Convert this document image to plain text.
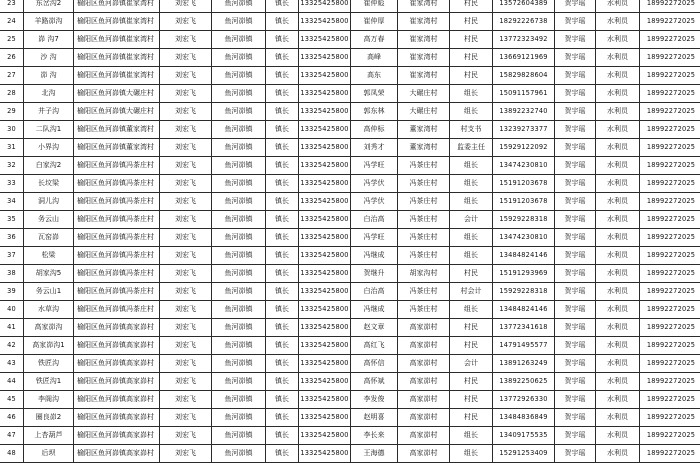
23	东岔沟2	榆阳区鱼河峁镇崔家湾村	刘宏飞	鱼河峁镇	镇长	13325425800	崔仲彪	崔家湾村	村民	13572604389	贺宇瑶	水利员	18992272025
24	羊路峁沟	榆阳区鱼河峁镇崔家湾村	刘宏飞	鱼河峁镇	镇长	13325425800	崔仲厚	崔家湾村	村民	18292226738	贺宇瑶	水利员	18992272025
25	峁 沟7	榆阳区鱼河峁镇崔家湾村	刘宏飞	鱼河峁镇	镇长	13325425800	高万春	崔家湾村	村民	13772323492	贺宇瑶	水利员	18992272025
26	沙 沟	榆阳区鱼河峁镇崔家湾村	刘宏飞	鱼河峁镇	镇长	13325425800	高峰	崔家湾村	村民	13669121969	贺宇瑶	水利员	18992272025
27	峁 沟	榆阳区鱼河峁镇崔家湾村	刘宏飞	鱼河峁镇	镇长	13325425800	高东	崔家湾村	村民	15829828604	贺宇瑶	水利员	18992272025
28	北沟	榆阳区鱼河峁镇大碾庄村	刘宏飞	鱼河峁镇	镇长	13325425800	郭凤荣	大碾庄村	组长	15091157961	贺宇瑶	水利员	18992272025
29	井子沟	榆阳区鱼河峁镇大碾庄村	刘宏飞	鱼河峁镇	镇长	13325425800	郭东林	大碾庄村	组长	13892232740	贺宇瑶	水利员	18992272025
30	二队沟1	榆阳区鱼河峁镇董家湾村	刘宏飞	鱼河峁镇	镇长	13325425800	高仲标	董家湾村	村支书	13239273377	贺宇瑶	水利员	18992272025
31	小界沟	榆阳区鱼河峁镇董家湾村	刘宏飞	鱼河峁镇	镇长	13325425800	刘秀才	董家湾村	监委主任	15929122092	贺宇瑶	水利员	18992272025
32	白家沟2	榆阳区鱼河峁镇冯茶庄村	刘宏飞	鱼河峁镇	镇长	13325425800	冯学旺	冯茶庄村	组长	13474230810	贺宇瑶	水利员	18992272025
33	长坟梁	榆阳区鱼河峁镇冯茶庄村	刘宏飞	鱼河峁镇	镇长	13325425800	冯学伏	冯茶庄村	组长	15191203678	贺宇瑶	水利员	18992272025
34	洞儿沟	榆阳区鱼河峁镇冯茶庄村	刘宏飞	鱼河峁镇	镇长	13325425800	冯学伏	冯茶庄村	组长	15191203678	贺宇瑶	水利员	18992272025
35	务云山	榆阳区鱼河峁镇冯茶庄村	刘宏飞	鱼河峁镇	镇长	13325425800	白治高	冯茶庄村	会计	15929228318	贺宇瑶	水利员	18992272025
36	瓦窑峁	榆阳区鱼河峁镇冯茶庄村	刘宏飞	鱼河峁镇	镇长	13325425800	冯学旺	冯茶庄村	组长	13474230810	贺宇瑶	水利员	18992272025
37	松梁	榆阳区鱼河峁镇冯茶庄村	刘宏飞	鱼河峁镇	镇长	13325425800	冯继成	冯茶庄村	组长	13484824146	贺宇瑶	水利员	18992272025
38	胡家沟5	榆阳区鱼河峁镇冯茶庄村	刘宏飞	鱼河峁镇	镇长	13325425800	贺继升	胡家沟村	村民	15191293969	贺宇瑶	水利员	18992272025
39	务云山1	榆阳区鱼河峁镇冯茶庄村	刘宏飞	鱼河峁镇	镇长	13325425800	白治高	冯茶庄村	村会计	15929228318	贺宇瑶	水利员	18992272025
40	水草沟	榆阳区鱼河峁镇冯茶庄村	刘宏飞	鱼河峁镇	镇长	13325425800	冯继成	冯茶庄村	组长	13484824146	贺宇瑶	水利员	18992272025
41	高家峁沟	榆阳区鱼河峁镇高家峁村	刘宏飞	鱼河峁镇	镇长	13325425800	赵文章	高家峁村	村民	13772341618	贺宇瑶	水利员	18992272025
42	高家峁沟1	榆阳区鱼河峁镇高家峁村	刘宏飞	鱼河峁镇	镇长	13325425800	高红飞	高家峁村	村民	14791495577	贺宇瑶	水利员	18992272025
43	铁匠沟	榆阳区鱼河峁镇高家峁村	刘宏飞	鱼河峁镇	镇长	13325425800	高怀信	高家峁村	会计	13891263249	贺宇瑶	水利员	18992272025
44	铁匠沟1	榆阳区鱼河峁镇高家峁村	刘宏飞	鱼河峁镇	镇长	13325425800	高怀斌	高家峁村	村民	13892250625	贺宇瑶	水利员	18992272025
45	李阁沟	榆阳区鱼河峁镇高家峁村	刘宏飞	鱼河峁镇	镇长	13325425800	李发俊	高家峁村	村民	13772926330	贺宇瑶	水利员	18992272025
46	圈良峁2	榆阳区鱼河峁镇高家峁村	刘宏飞	鱼河峁镇	镇长	13325425800	赵明喜	高家峁村	村民	13484836849	贺宇瑶	水利员	18992272025
47	上杏葫芦	榆阳区鱼河峁镇高家峁村	刘宏飞	鱼河峁镇	镇长	13325425800	李长来	高家峁村	组长	13409175535	贺宇瑶	水利员	18992272025
48	后坝	榆阳区鱼河峁镇高家峁村	刘宏飞	鱼河峁镇	镇长	13325425800	王海德	高家峁村	组长	15291253409	贺宇瑶	水利员	18992272025
